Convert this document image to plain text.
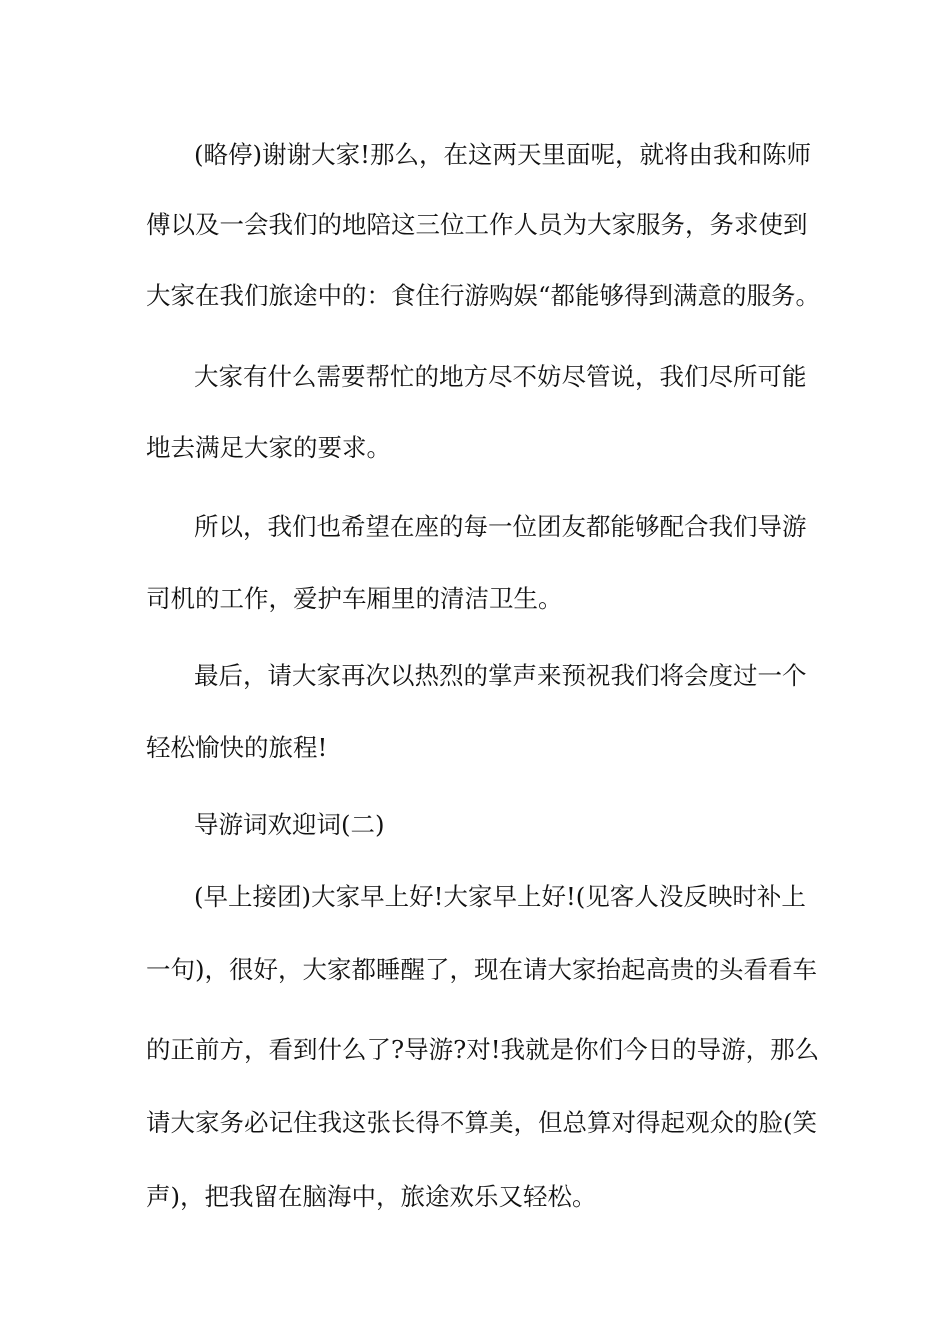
(略停)谢谢大家!那么，在这两天里面呢，就将由我和陈师

傅以及一会我们的地陪这三位工作人员为大家服务，务求使到

大家在我们旅途中的：食住行游购娱“都能够得到满意的服务。

大家有什么需要帮忙的地方尽不妨尽管说，我们尽所可能

地去满足大家的要求。

所以，我们也希望在座的每一位团友都能够配合我们导游

司机的工作，爱护车厢里的清洁卫生。

最后，请大家再次以热烈的掌声来预祝我们将会度过一个

轻松愉快的旅程!

导游词欢迎词(二)

(早上接团)大家早上好!大家早上好!(见客人没反映时补上

一句)，很好，大家都睡醒了，现在请大家抬起高贵的头看看车

的正前方，看到什么了?导游?对!我就是你们今日的导游，那么

请大家务必记住我这张长得不算美，但总算对得起观众的脸(笑

声)，把我留在脑海中，旅途欢乐又轻松。
